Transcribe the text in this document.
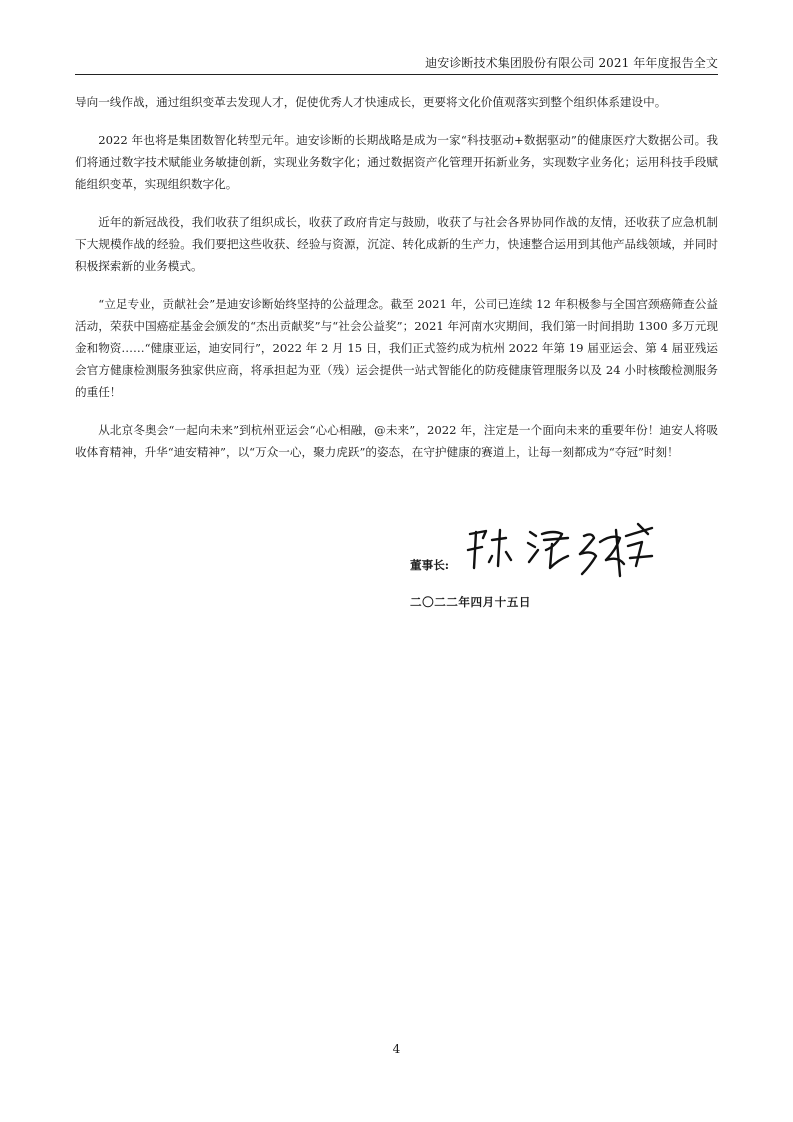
迪安诊断技术集团股份有限公司 2021 年年度报告全文

导向一线作战，通过组织变革去发现人才，促使优秀人才快速成长，更要将文化价值观落实到整个组织体系建设中。

2022 年也将是集团数智化转型元年。迪安诊断的长期战略是成为一家“科技驱动+数据驱动”的健康医疗大数据公司。我们将通过数字技术赋能业务敏捷创新，实现业务数字化；通过数据资产化管理开拓新业务，实现数字业务化；运用科技手段赋能组织变革，实现组织数字化。

近年的新冠战役，我们收获了组织成长，收获了政府肯定与鼓励，收获了与社会各界协同作战的友情，还收获了应急机制下大规模作战的经验。我们要把这些收获、经验与资源，沉淀、转化成新的生产力，快速整合运用到其他产品线领域，并同时积极探索新的业务模式。

“立足专业，贡献社会”是迪安诊断始终坚持的公益理念。截至 2021 年，公司已连续 12 年积极参与全国宫颈癌筛查公益活动，荣获中国癌症基金会颁发的“杰出贡献奖”与“社会公益奖”；2021 年河南水灾期间，我们第一时间捐助 1300 多万元现金和物资……“健康亚运，迪安同行”，2022 年 2 月 15 日，我们正式签约成为杭州 2022 年第 19 届亚运会、第 4 届亚残运会官方健康检测服务独家供应商，将承担起为亚（残）运会提供一站式智能化的防疫健康管理服务以及 24 小时核酸检测服务的重任！

从北京冬奥会“一起向未来”到杭州亚运会“心心相融，@未来”，2022 年，注定是一个面向未来的重要年份！迪安人将吸收体育精神，升华“迪安精神”，以“万众一心，聚力虎跃”的姿态，在守护健康的赛道上，让每一刻都成为“夺冠”时刻！

董事长:
二〇二二年四月十五日
4
